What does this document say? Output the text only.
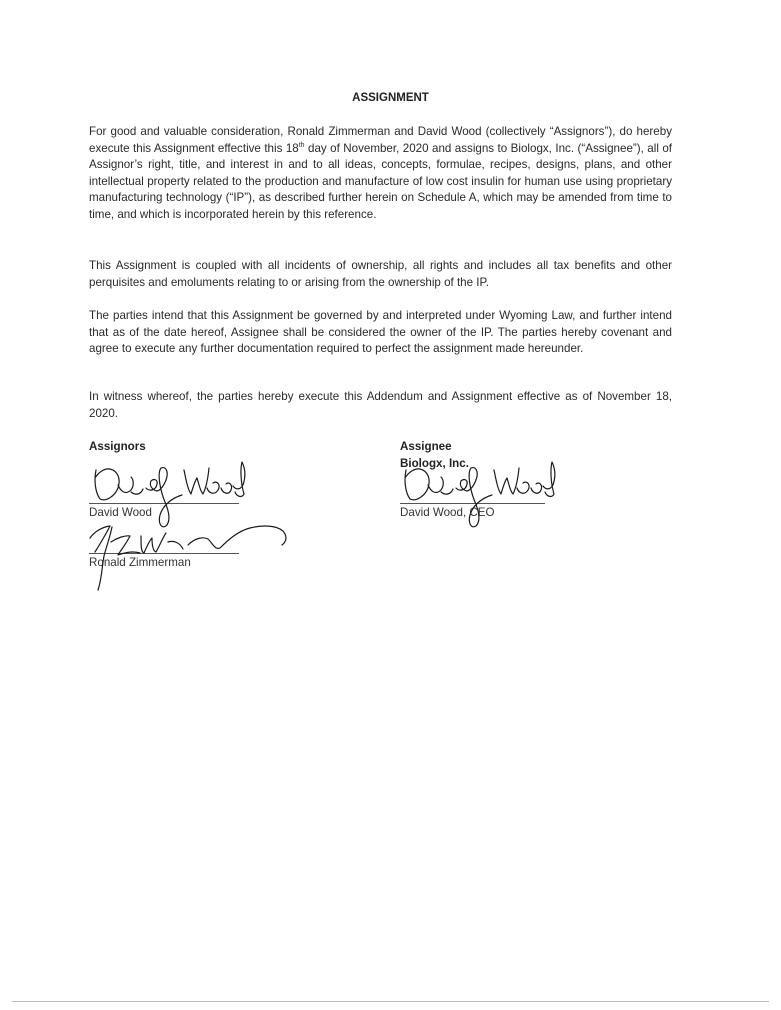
ASSIGNMENT

For good and valuable consideration, Ronald Zimmerman and David Wood (collectively “Assignors”), do hereby execute this Assignment effective this 18th day of November, 2020 and assigns to Biologx, Inc. (“Assignee”), all of Assignor’s right, title, and interest in and to all ideas, concepts, formulae, recipes, designs, plans, and other intellectual property related to the production and manufacture of low cost insulin for human use using proprietary manufacturing technology (“IP”), as described further herein on Schedule A, which may be amended from time to time, and which is incorporated herein by this reference.

This Assignment is coupled with all incidents of ownership, all rights and includes all tax benefits and other perquisites and emoluments relating to or arising from the ownership of the IP.

The parties intend that this Assignment be governed by and interpreted under Wyoming Law, and further intend that as of the date hereof, Assignee shall be considered the owner of the IP. The parties hereby covenant and agree to execute any further documentation required to perfect the assignment made hereunder.

In witness whereof, the parties hereby execute this Addendum and Assignment effective as of November 18, 2020.

Assignors	Assignee
Biologx, Inc.
David Wood
Ronald Zimmerman
David Wood, CEO
